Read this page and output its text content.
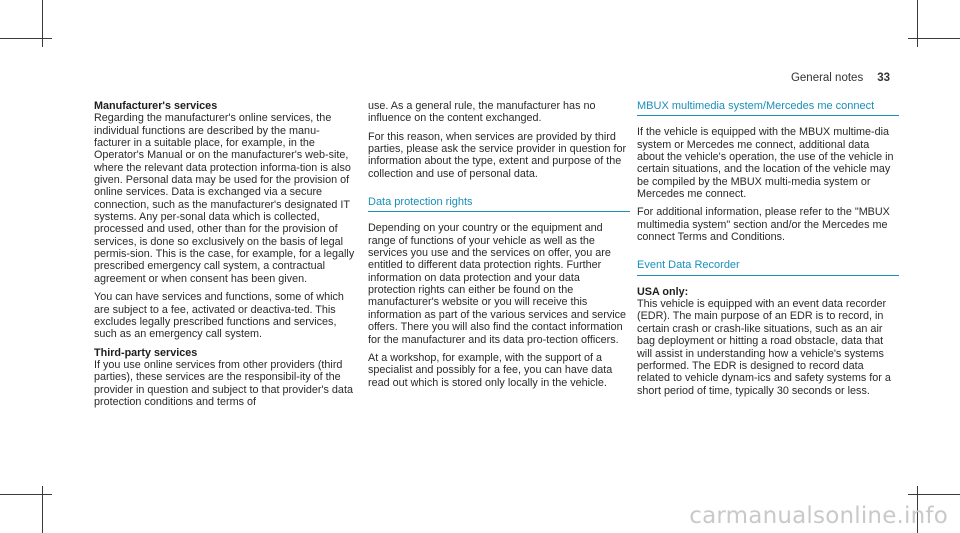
General notes 33
Manufacturer's services

Regarding the manufacturer's online services, the individual functions are described by the manu-facturer in a suitable place, for example, in the Operator's Manual or on the manufacturer's web-site, where the relevant data protection informa-tion is also given. Personal data may be used for the provision of online services. Data is exchanged via a secure connection, such as the manufacturer's designated IT systems. Any per-sonal data which is collected, processed and used, other than for the provision of services, is done so exclusively on the basis of legal permis-sion. This is the case, for example, for a legally prescribed emergency call system, a contractual agreement or when consent has been given.

You can have services and functions, some of which are subject to a fee, activated or deactiva-ted. This excludes legally prescribed functions and services, such as an emergency call system.

Third-party services

If you use online services from other providers (third parties), these services are the responsibil-ity of the provider in question and subject to that provider's data protection conditions and terms of

use. As a general rule, the manufacturer has no influence on the content exchanged.

For this reason, when services are provided by third parties, please ask the service provider in question for information about the type, extent and purpose of the collection and use of personal data.

Data protection rights

Depending on your country or the equipment and range of functions of your vehicle as well as the services you use and the services on offer, you are entitled to different data protection rights. Further information on data protection and your data protection rights can either be found on the manufacturer's website or you will receive this information as part of the various services and service offers. There you will also find the contact information for the manufacturer and its data pro-tection officers.

At a workshop, for example, with the support of a specialist and possibly for a fee, you can have data read out which is stored only locally in the vehicle.

MBUX multimedia system/Mercedes me connect

If the vehicle is equipped with the MBUX multime-dia system or Mercedes me connect, additional data about the vehicle's operation, the use of the vehicle in certain situations, and the location of the vehicle may be compiled by the MBUX multi-media system or Mercedes me connect.

For additional information, please refer to the "MBUX multimedia system" section and/or the Mercedes me connect Terms and Conditions.

Event Data Recorder
USA only:

This vehicle is equipped with an event data recorder (EDR). The main purpose of an EDR is to record, in certain crash or crash-like situations, such as an air bag deployment or hitting a road obstacle, data that will assist in understanding how a vehicle's systems performed. The EDR is designed to record data related to vehicle dynam-ics and safety systems for a short period of time, typically 30 seconds or less.

carmanualsonline.info
